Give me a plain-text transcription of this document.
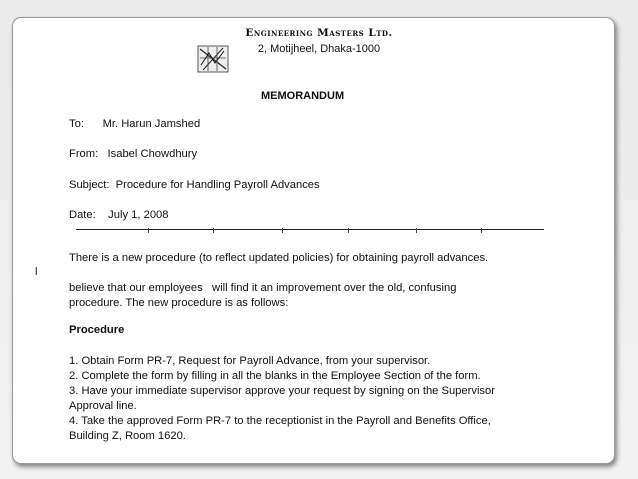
Engineering Masters Ltd.
2, Motijheel, Dhaka-1000
MEMORANDUM
To:      Mr. Harun Jamshed
From:   Isabel Chowdhury
Subject:  Procedure for Handling Payroll Advances
Date:    July 1, 2008
There is a new procedure (to reflect updated policies) for obtaining payroll advances.
l
believe that our employees   will find it an improvement over the old, confusing
procedure. The new procedure is as follows:
Procedure
1. Obtain Form PR-7, Request for Payroll Advance, from your supervisor.
2. Complete the form by filling in all the blanks in the Employee Section of the form.
3. Have your immediate supervisor approve your request by signing on the Supervisor
Approval line.
4. Take the approved Form PR-7 to the receptionist in the Payroll and Benefits Office,
Building Z, Room 1620.
